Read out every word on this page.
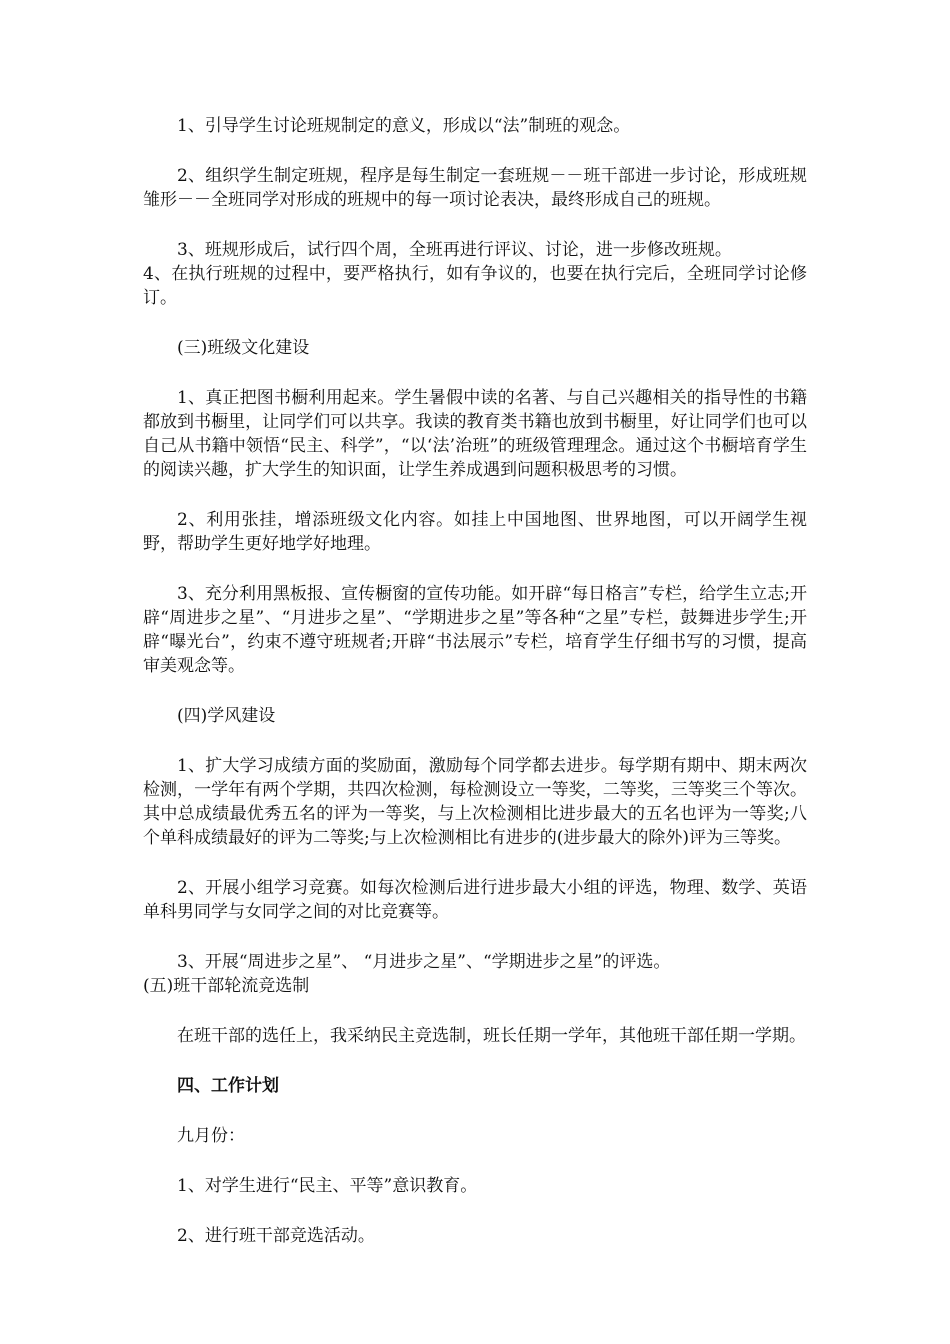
1、引导学生讨论班规制定的意义，形成以“法”制班的观念。

2、组织学生制定班规，程序是每生制定一套班规－－班干部进一步讨论，形成班规雏形－－全班同学对形成的班规中的每一项讨论表决，最终形成自己的班规。

3、班规形成后，试行四个周，全班再进行评议、讨论，进一步修改班规。

4、在执行班规的过程中，要严格执行，如有争议的，也要在执行完后，全班同学讨论修订。

(三)班级文化建设

1、真正把图书橱利用起来。学生暑假中读的名著、与自己兴趣相关的指导性的书籍都放到书橱里，让同学们可以共享。我读的教育类书籍也放到书橱里，好让同学们也可以自己从书籍中领悟“民主、科学”，“以‘法’治班”的班级管理理念。通过这个书橱培育学生的阅读兴趣，扩大学生的知识面，让学生养成遇到问题积极思考的习惯。

2、利用张挂，增添班级文化内容。如挂上中国地图、世界地图，可以开阔学生视野，帮助学生更好地学好地理。

3、充分利用黑板报、宣传橱窗的宣传功能。如开辟“每日格言”专栏，给学生立志;开辟“周进步之星”、“月进步之星”、“学期进步之星”等各种“之星”专栏，鼓舞进步学生;开辟“曝光台”，约束不遵守班规者;开辟“书法展示”专栏，培育学生仔细书写的习惯，提高审美观念等。

(四)学风建设

1、扩大学习成绩方面的奖励面，激励每个同学都去进步。每学期有期中、期末两次检测，一学年有两个学期，共四次检测，每检测设立一等奖，二等奖，三等奖三个等次。其中总成绩最优秀五名的评为一等奖，与上次检测相比进步最大的五名也评为一等奖;八个单科成绩最好的评为二等奖;与上次检测相比有进步的(进步最大的除外)评为三等奖。

2、开展小组学习竞赛。如每次检测后进行进步最大小组的评选，物理、数学、英语单科男同学与女同学之间的对比竞赛等。

3、开展“周进步之星”、 “月进步之星”、“学期进步之星”的评选。

(五)班干部轮流竞选制

在班干部的选任上，我采纳民主竞选制，班长任期一学年，其他班干部任期一学期。

四、工作计划

九月份：

1、对学生进行“民主、平等”意识教育。

2、进行班干部竞选活动。
